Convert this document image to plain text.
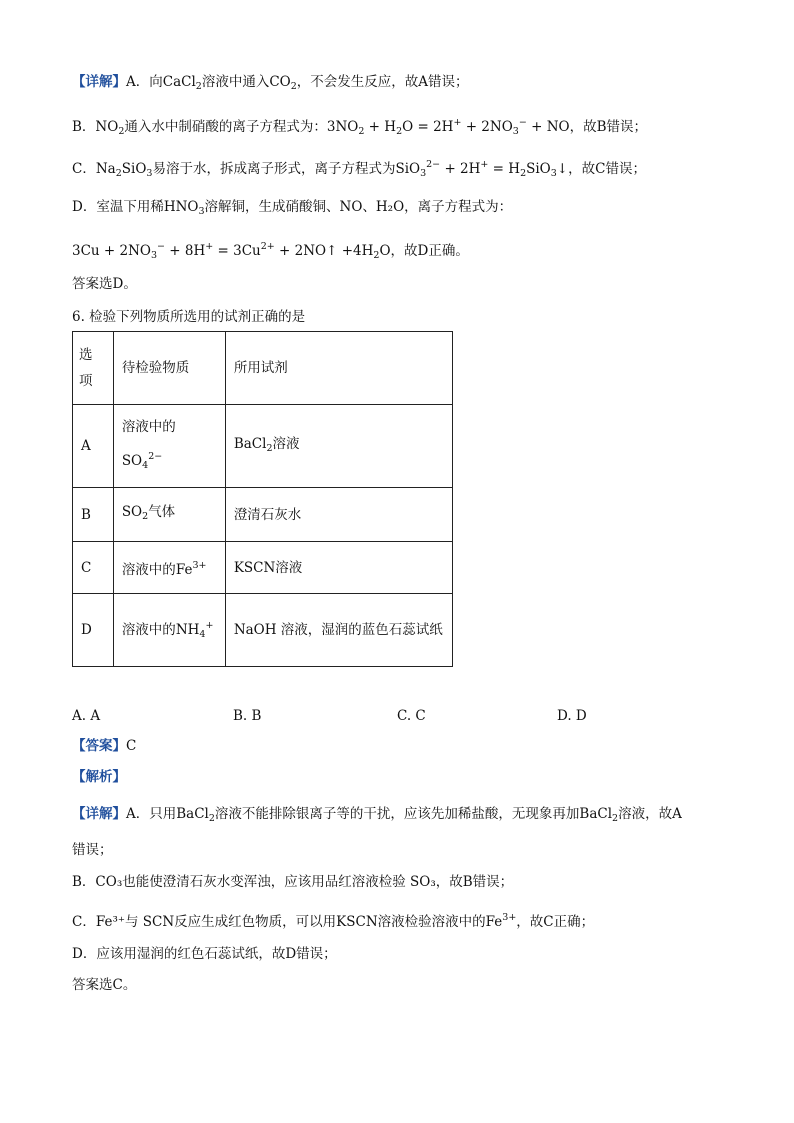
【详解】A．向CaCl$_2$溶液中通入$CO_2$，不会发生反应，故A错误；
B．$NO_2$通入水中制硝酸的离子方程式为：$3NO_2 + H_2O = 2H^+ + 2NO_3^-$ + NO，故B错误；
C．$Na_2SiO_3$易溶于水，拆成离子形式，离子方程式为$SiO_3^{2-} + 2H^+ = H_2SiO_3↓$，故C错误；
D．室温下用稀$HNO_3$溶解铜，生成硝酸铜、NO、H₂O，离子方程式为：
$3Cu + 2NO_3^- + 8H^+ = 3Cu^{2+}$ + 2NO↑ $+4H_2O$，故D正确。
答案选D。
6. 检验下列物质所选用的试剂正确的是
选
项	待检验物质	所用试剂
A	溶液中的
$SO_4^{2-}$	BaCl$_2$溶液
B	$SO_2$气体	澄清石灰水
C	溶液中的$Fe^{3+}$	KSCN溶液
D	溶液中的$NH_4^+$	NaOH 溶液，湿润的蓝色石蕊试纸
A. A	B. B	C. C	D. D
【答案】C
【解析】
【详解】A．只用BaCl$_2$溶液不能排除银离子等的干扰，应该先加稀盐酸，无现象再加BaCl$_2$溶液，故A
错误；
B．CO₃也能使澄清石灰水变浑浊，应该用品红溶液检验 SO₃，故B错误；
C．Fe³⁺与 SCN反应生成红色物质，可以用KSCN溶液检验溶液中的$Fe^{3+}$，故C正确；
D．应该用湿润的红色石蕊试纸，故D错误；
答案选C。
